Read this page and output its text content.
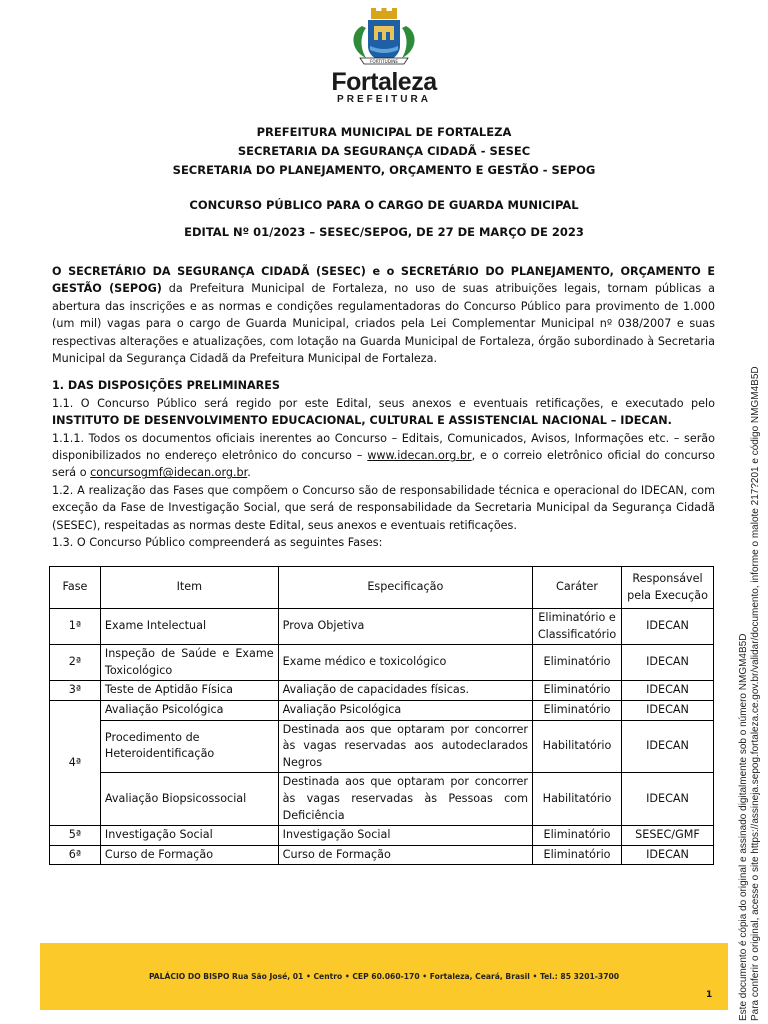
FORTITUDINE
Fortaleza
PREFEITURA
PREFEITURA MUNICIPAL DE FORTALEZA
SECRETARIA DA SEGURANÇA CIDADÃ - SESEC
SECRETARIA DO PLANEJAMENTO, ORÇAMENTO E GESTÃO - SEPOG
CONCURSO PÚBLICO PARA O CARGO DE GUARDA MUNICIPAL
EDITAL Nº 01/2023 – SESEC/SEPOG, DE 27 DE MARÇO DE 2023

O SECRETÁRIO DA SEGURANÇA CIDADÃ (SESEC) e o SECRETÁRIO DO PLANEJAMENTO, ORÇAMENTO E GESTÃO (SEPOG) da Prefeitura Municipal de Fortaleza, no uso de suas atribuições legais, tornam públicas a abertura das inscrições e as normas e condições regulamentadoras do Concurso Público para provimento de 1.000 (um mil) vagas para o cargo de Guarda Municipal, criados pela Lei Complementar Municipal nº 038/2007 e suas respectivas alterações e atualizações, com lotação na Guarda Municipal de Fortaleza, órgão subordinado à Secretaria Municipal da Segurança Cidadã da Prefeitura Municipal de Fortaleza.

1. DAS DISPOSIÇÕES PRELIMINARES

1.1. O Concurso Público será regido por este Edital, seus anexos e eventuais retificações, e executado pelo INSTITUTO DE DESENVOLVIMENTO EDUCACIONAL, CULTURAL E ASSISTENCIAL NACIONAL – IDECAN.

1.1.1. Todos os documentos oficiais inerentes ao Concurso – Editais, Comunicados, Avisos, Informações etc. – serão disponibilizados no endereço eletrônico do concurso – www.idecan.org.br, e o correio eletrônico oficial do concurso será o concursogmf@idecan.org.br.

1.2. A realização das Fases que compõem o Concurso são de responsabilidade técnica e operacional do IDECAN, com exceção da Fase de Investigação Social, que será de responsabilidade da Secretaria Municipal da Segurança Cidadã (SESEC), respeitadas as normas deste Edital, seus anexos e eventuais retificações.

1.3. O Concurso Público compreenderá as seguintes Fases:

Fase	Item	Especificação	Caráter	Responsável pela Execução
1ª	Exame Intelectual	Prova Objetiva	Eliminatório e Classificatório	IDECAN
2ª	Inspeção de Saúde e Exame Toxicológico	Exame médico e toxicológico	Eliminatório	IDECAN
3ª	Teste de Aptidão Física	Avaliação de capacidades físicas.	Eliminatório	IDECAN
4ª	Avaliação Psicológica	Avaliação Psicológica	Eliminatório	IDECAN
	Procedimento de Heteroidentificação	Destinada aos que optaram por concorrer às vagas reservadas aos autodeclarados Negros	Habilitatório	IDECAN
	Avaliação Biopsicossocial	Destinada aos que optaram por concorrer às vagas reservadas às Pessoas com Deficiência	Habilitatório	IDECAN
5ª	Investigação Social	Investigação Social	Eliminatório	SESEC/GMF
6ª	Curso de Formação	Curso de Formação	Eliminatório	IDECAN
PALÁCIO DO BISPO Rua São José, 01 • Centro • CEP 60.060-170 • Fortaleza, Ceará, Brasil • Tel.: 85 3201-3700
1	Este documento é cópia do original e assinado digitalmente sob o número NMGM4B5D Para conferir o original, acesse o site https://assineja.sepog.fortaleza.ce.gov.br/validar/documento, informe o malote 217?201 e código NMGM4B5D
